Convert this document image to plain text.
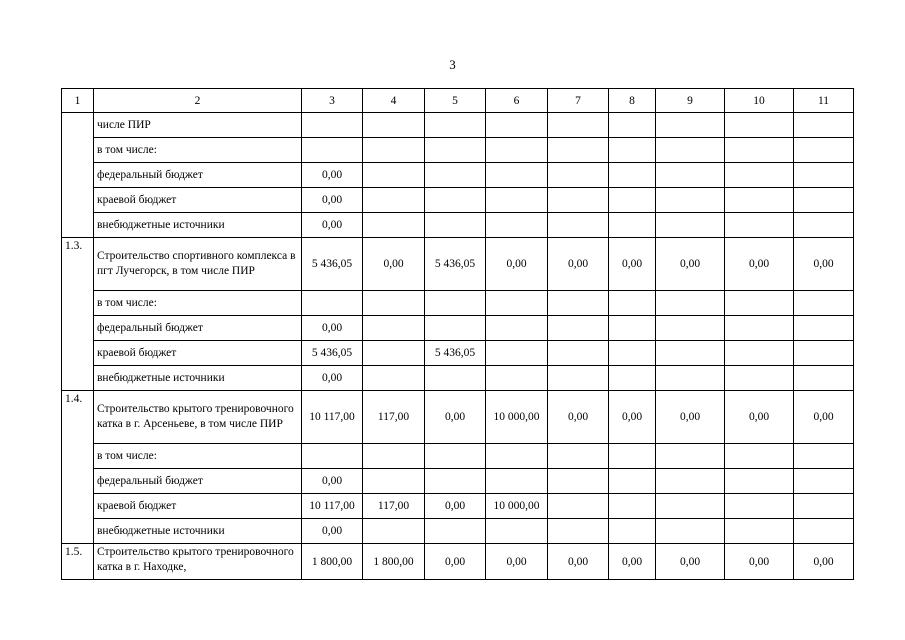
3
1	2	3	4	5	6	7	8	9	10	11
	числе ПИР									
	в том числе:									
	федеральный бюджет	0,00								
	краевой бюджет	0,00								
	внебюджетные источники	0,00								
1.3.	Строительство спортивного комплекса в пгт Лучегорск, в том числе ПИР	5 436,05	0,00	5 436,05	0,00	0,00	0,00	0,00	0,00	0,00
	в том числе:									
	федеральный бюджет	0,00								
	краевой бюджет	5 436,05		5 436,05						
	внебюджетные источники	0,00								
1.4.	Строительство крытого тренировочного катка в г. Арсеньеве, в том числе ПИР	10 117,00	117,00	0,00	10 000,00	0,00	0,00	0,00	0,00	0,00
	в том числе:									
	федеральный бюджет	0,00								
	краевой бюджет	10 117,00	117,00	0,00	10 000,00					
	внебюджетные источники	0,00								
1.5.	Строительство крытого тренировочного катка в г. Находке,	1 800,00	1 800,00	0,00	0,00	0,00	0,00	0,00	0,00	0,00
